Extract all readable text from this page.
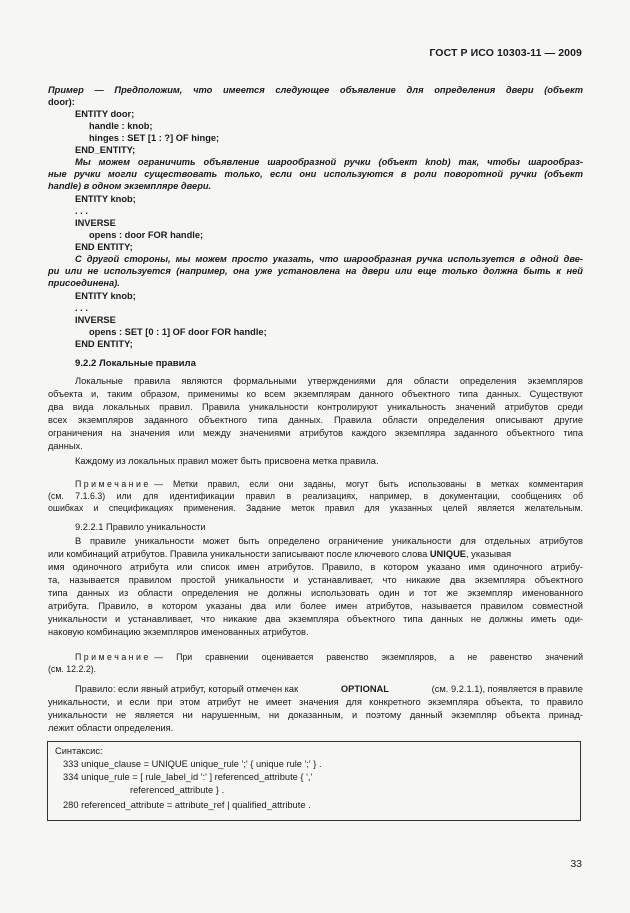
ГОСТ Р ИСО 10303-11 — 2009
Пример — Предположим, что имеется следующее объявление для определения двери (объект
door):
ENTITY door;
handle : knob;
hinges : SET [1 : ?] OF hinge;
END_ENTITY;
Мы можем ограничить объявление шарообразной ручки (объект knob) так, чтобы шарообраз-
ные ручки могли существовать только, если они используются в роли поворотной ручки (объект
handle) в одном экземпляре двери.
ENTITY knob;
. . .
INVERSE
opens : door FOR handle;
END ENTITY;
С другой стороны, мы можем просто указать, что шарообразная ручка используется в одной две-
ри или не используется (например, она уже установлена на двери или еще только должна быть к ней
присоединена).
ENTITY knob;
. . .
INVERSE
opens : SET [0 : 1] OF door FOR handle;
END ENTITY;
9.2.2 Локальные правила
Локальные правила являются формальными утверждениями для области определения экземпляров
объекта и, таким образом, применимы ко всем экземплярам данного объектного типа данных. Существуют
два вида локальных правил. Правила уникальности контролируют уникальность значений атрибутов среди
всех экземпляров заданного объектного типа данных. Правила области определения описывают другие
ограничения на значения или между значениями атрибутов каждого экземпляра заданного объектного типа
данных.
Каждому из локальных правил может быть присвоена метка правила.
П р и м е ч а н и е — Метки правил, если они заданы, могут быть использованы в метках комментария
(см. 7.1.6.3) или для идентификации правил в реализациях, например, в документации, сообщениях об
ошибках и спецификациях применения. Задание меток правил для указанных целей является желательным.
9.2.2.1 Правило уникальности
В правиле уникальности может быть определено ограничение уникальности для отдельных атрибутов
или комбинаций атрибутов. Правила уникальности записывают после ключевого слова
UNIQUE , указывая
имя одиночного атрибута или список имен атрибутов. Правило, в котором указано имя одиночного атрибу-
та, называется правилом простой уникальности и устанавливает, что никакие два экземпляра объектного
типа данных из области определения не должны использовать один и тот же экземпляр именованного
атрибута. Правило, в котором указаны два или более имен атрибутов, называется правилом совместной
уникальности и устанавливает, что никакие два экземпляра объектного типа данных не должны иметь оди-
наковую комбинацию экземпляров именованных атрибутов.
П р и м е ч а н и е — При сравнении оценивается равенство экземпляров, а не равенство значений
(см. 12.2.2).
Правило: если явный атрибут, который отмечен как	OPTIONAL	(см. 9.2.1.1), появляется в правиле
уникальности, и если при этом атрибут не имеет значения для конкретного экземпляра объекта, то правило
уникальности не является ни нарушенным, ни доказанным, и поэтому данный экземпляр объекта принад-
лежит области определения.
Синтаксис:
333 unique_clause = UNIQUE unique_rule ';' { unique rule ';' } .
334 unique_rule = [ rule_label_id ':' ] referenced_attribute { ','
referenced_attribute } .
280 referenced_attribute = attribute_ref | qualified_attribute .
33
